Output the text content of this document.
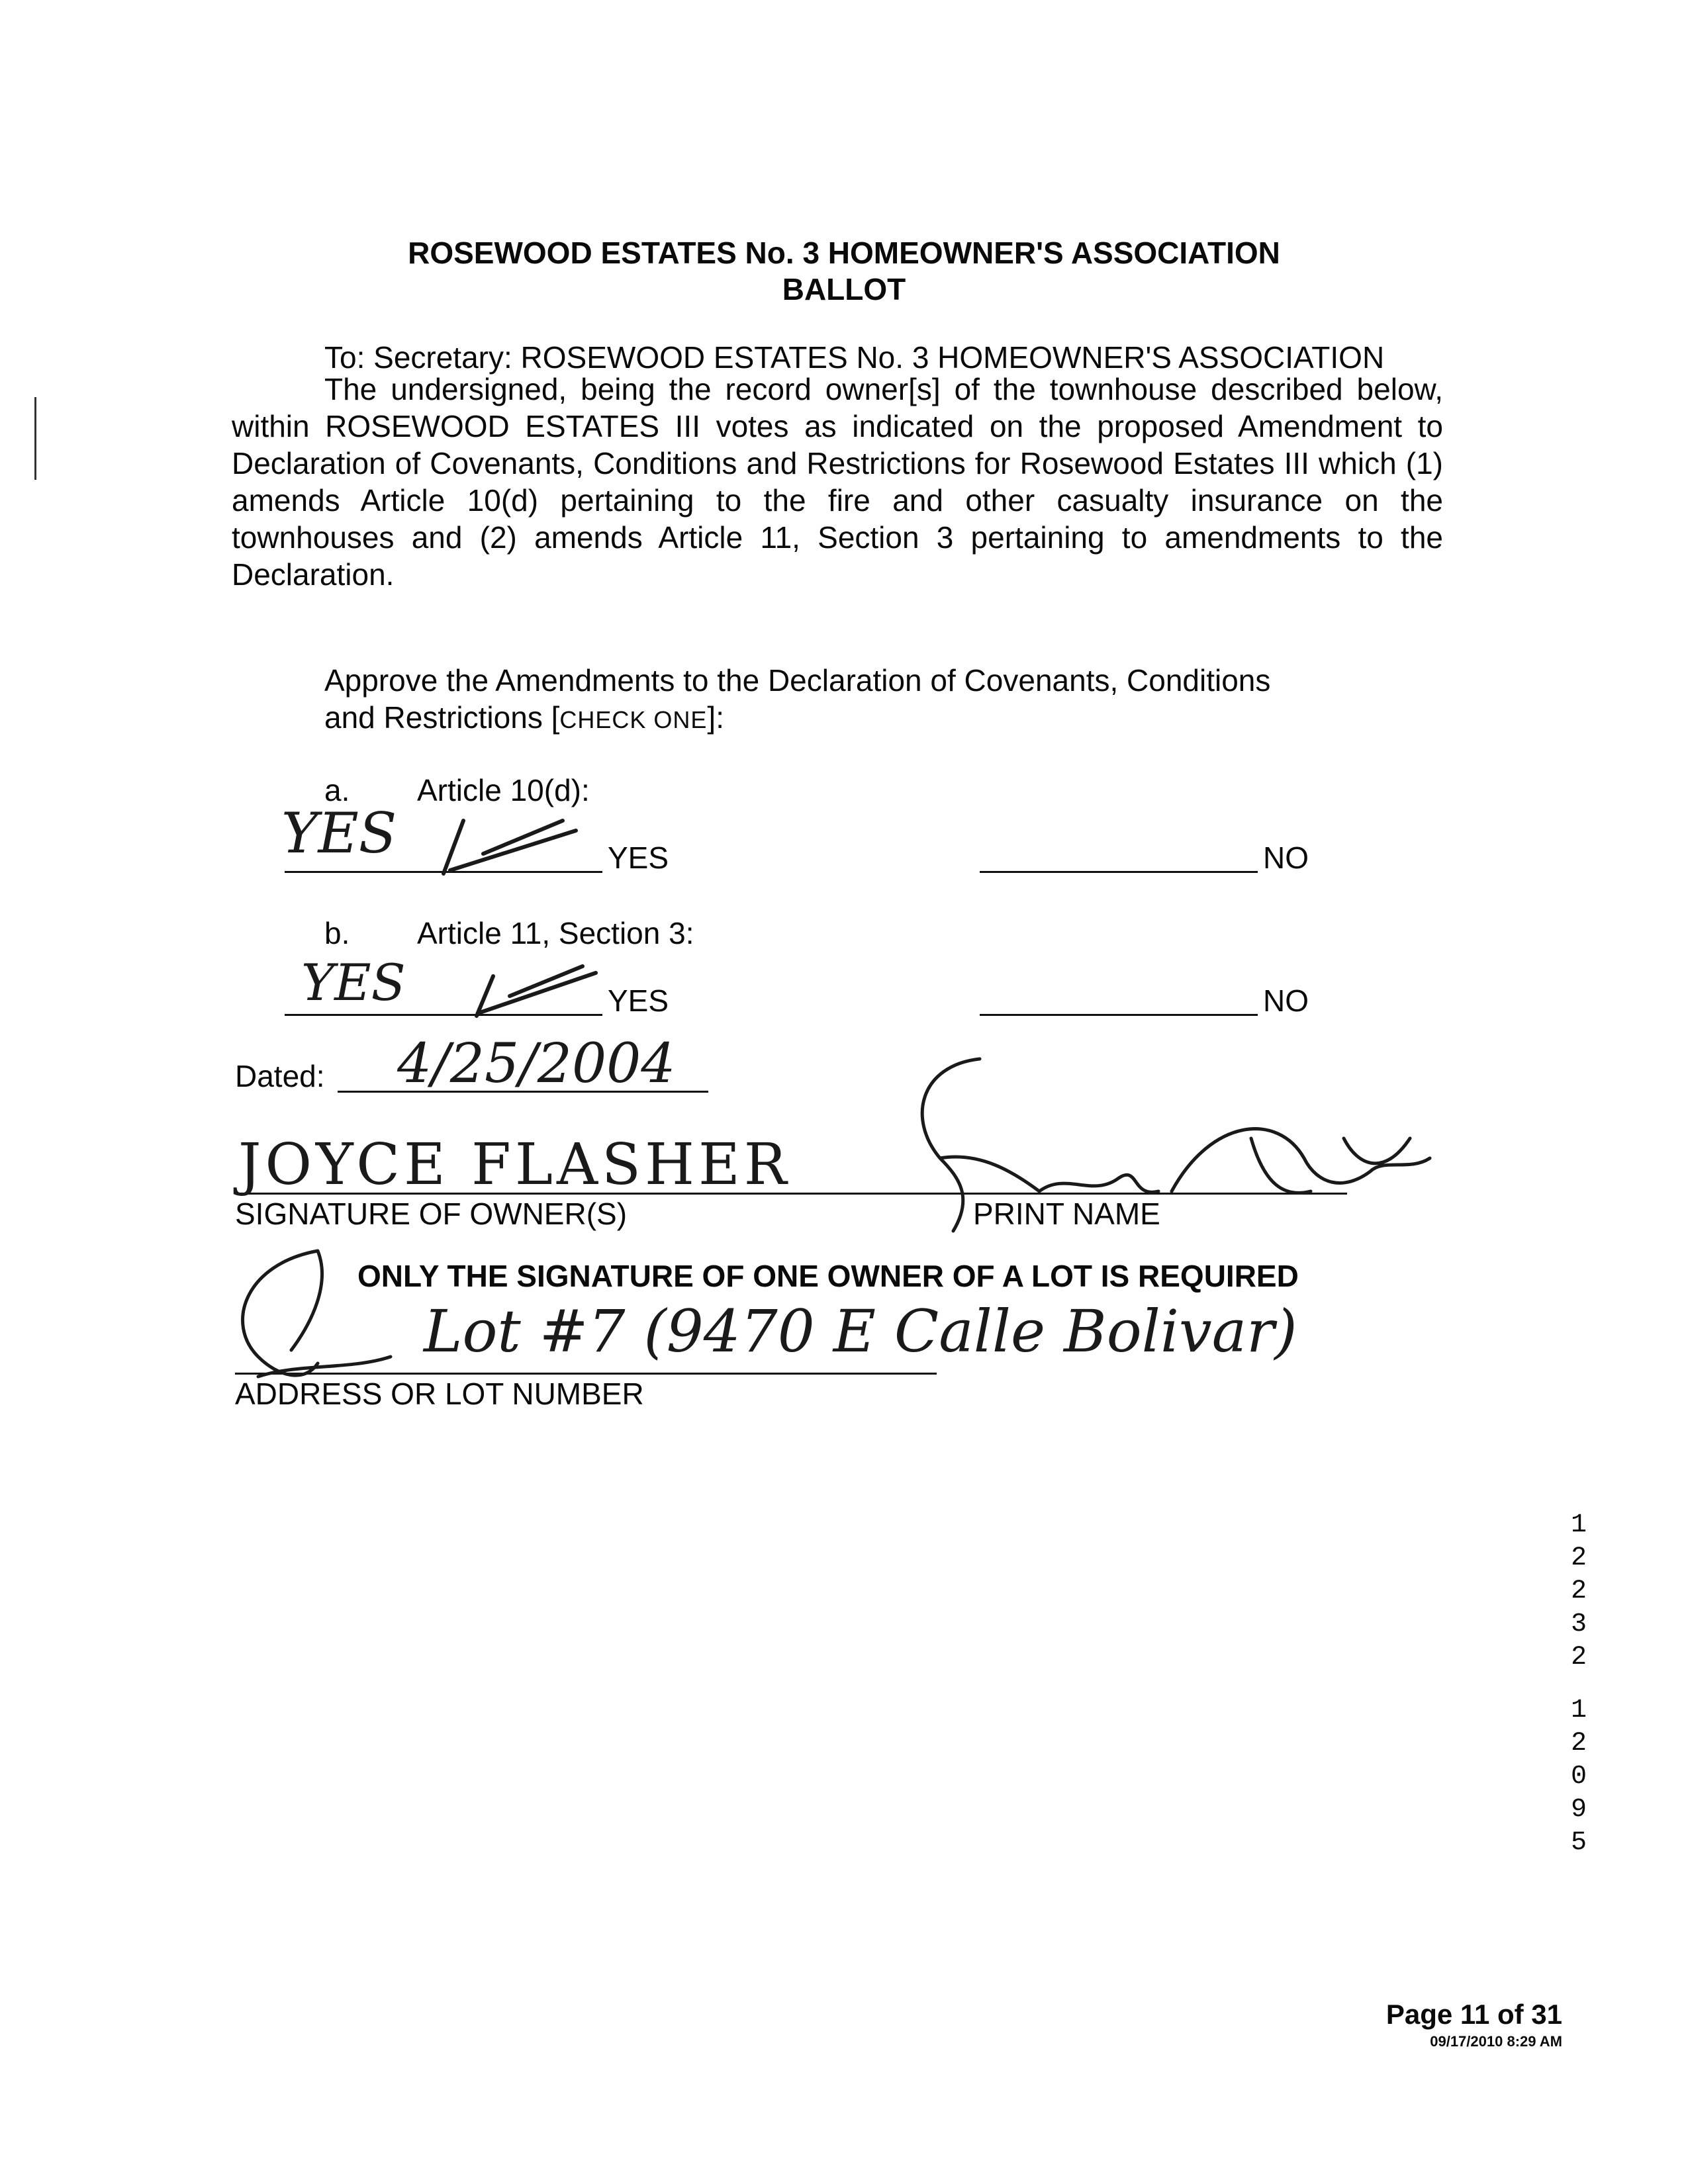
ROSEWOOD ESTATES No. 3 HOMEOWNER'S ASSOCIATION
BALLOT
To: Secretary: ROSEWOOD ESTATES No. 3 HOMEOWNER'S ASSOCIATION
The undersigned, being the record owner[s] of the townhouse described below, within ROSEWOOD ESTATES III votes as indicated on the proposed Amendment to Declaration of Covenants, Conditions and Restrictions for Rosewood Estates III which (1) amends Article 10(d) pertaining to the fire and other casualty insurance on the townhouses and (2) amends Article 11, Section 3 pertaining to amendments to the Declaration.
Approve the Amendments to the Declaration of Covenants, Conditions
and Restrictions [CHECK ONE]:
a. Article 10(d):
YES	NO
YES
b. Article 11, Section 3:
YES	NO
YES
Dated: 4/25/2004
JOYCE FLASHER
SIGNATURE OF OWNER(S)	PRINT NAME
ONLY THE SIGNATURE OF ONE OWNER OF A LOT IS REQUIRED
Lot #7 (9470 E Calle Bolivar)
ADDRESS OR LOT NUMBER
1
2
2
3
2
1
2
0
9
5
Page 11 of 31
09/17/2010 8:29 AM
